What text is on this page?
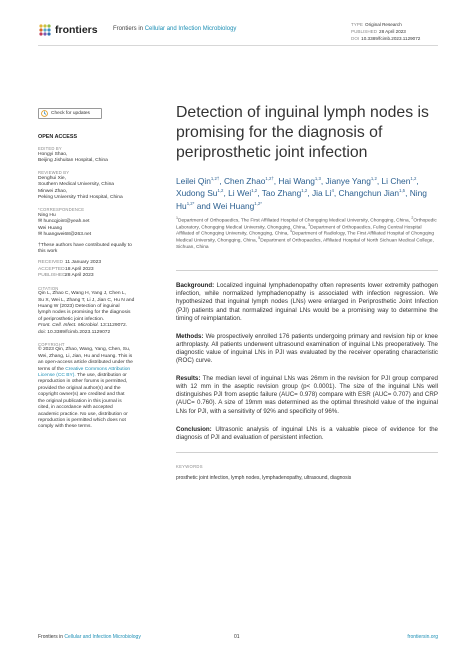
frontiers	Frontiers in Cellular and Infection Microbiology
TYPE Original Research
PUBLISHED 28 April 2023
DOI 10.3389/fcimb.2023.1129072
Check for updates
OPEN ACCESS
EDITED BY
Hongyi Shao,
Beijing Jishuitan Hospital, China
REVIEWED BY
Denghui Xie,
Southern Medical University, China
Minwei Zhao,
Peking University Third Hospital, China
*CORRESPONDENCE
Ning Hu
✉ huncqjoint@yeah.net
Wei Huang
✉ huangwei68@263.net
†These authors have contributed equally to
this work
RECEIVED 11 January 2023
ACCEPTED18 April 2023
PUBLISHED28 April 2023
CITATION
Qin L, Zhao C, Wang H, Yang J, Chen L,
Su X, Wei L, Zhang T, Li J, Jian C, Hu N and
Huang W (2023) Detection of inguinal
lymph nodes is promising for the diagnosis
of periprosthetic joint infection.
Front. Cell. Infect. Microbiol. 13:1129072.
doi: 10.3389/fcimb.2023.1129072
COPYRIGHT
© 2023 Qin, Zhao, Wang, Yang, Chen, Su,
Wei, Zhang, Li, Jian, Hu and Huang. This is
an open-access article distributed under the
terms of the Creative Commons Attribution
License (CC BY). The use, distribution or
reproduction in other forums is permitted,
provided the original author(s) and the
copyright owner(s) are credited and that
the original publication in this journal is
cited, in accordance with accepted
academic practice. No use, distribution or
reproduction is permitted which does not
comply with these terms.
Detection of inguinal lymph nodes is promising for the diagnosis of periprosthetic joint infection
Leilei Qin$^{1,2\dagger}$, Chen Zhao$^{1,2\dagger}$, Hai Wang$^{1,3}$, Jianye Yang$^{1,2}$, Li Chen$^{1,2}$, Xudong Su$^{1,2}$, Li Wei$^{1,2}$, Tao Zhang$^{1,2}$, Jia Li$^4$, Changchun Jian$^{1,5}$, Ning $Hu^{1,2*}$ and Wei Huang$^{1,2*}$
$^1$Department of Orthopaedics, The First Affiliated Hospital of Chongqing Medical University, Chongqing, China, $^2$Orthopedic Laboratory, Chongqing Medical University, Chongqing, China, $^3$Department of Orthopaedics, Fuling Central Hospital Affiliated of Chongqing University, Chongqing, China, $^4$Department of Radiology, The First Affiliated Hospital of Chongqing Medical University, Chongqing, China, $^5$Department of Orthopaedics, Affiliated Hospital of North Sichuan Medical College, Sichuan, China

Background: Localized inguinal lymphadenopathy often represents lower extremity pathogen infection, while normalized lymphadenopathy is associated with infection regression. We hypothesized that inguinal lymph nodes (LNs) were enlarged in Periprosthetic Joint Infection (PJI) patients and that normalized inguinal LNs would be a promising way to determine the timing of reimplantation.

Methods: We prospectively enrolled 176 patients undergoing primary and revision hip or knee arthroplasty. All patients underwent ultrasound examination of inguinal LNs preoperatively. The diagnostic value of inguinal LNs in PJI was evaluated by the receiver operating characteristic (ROC) curve.

Results: The median level of inguinal LNs was 26mm in the revision for PJI group compared with 12 mm in the aseptic revision group (p< 0.0001). The size of the inguinal LNs well distinguishes PJI from aseptic failure (AUC= 0.978) compare with ESR (AUC= 0.707) and CRP (AUC= 0.760). A size of 19mm was determined as the optimal threshold value of the inguinal LNs for PJI, with a sensitivity of 92% and specificity of 96%.

Conclusion: Ultrasonic analysis of inguinal LNs is a valuable piece of evidence for the diagnosis of PJI and evaluation of persistent infection.

KEYWORDS
prosthetic joint infection, lymph nodes, lymphadenopathy, ultrasound, diagnosis
Frontiers in Cellular and Infection Microbiology	01	frontiersin.org
